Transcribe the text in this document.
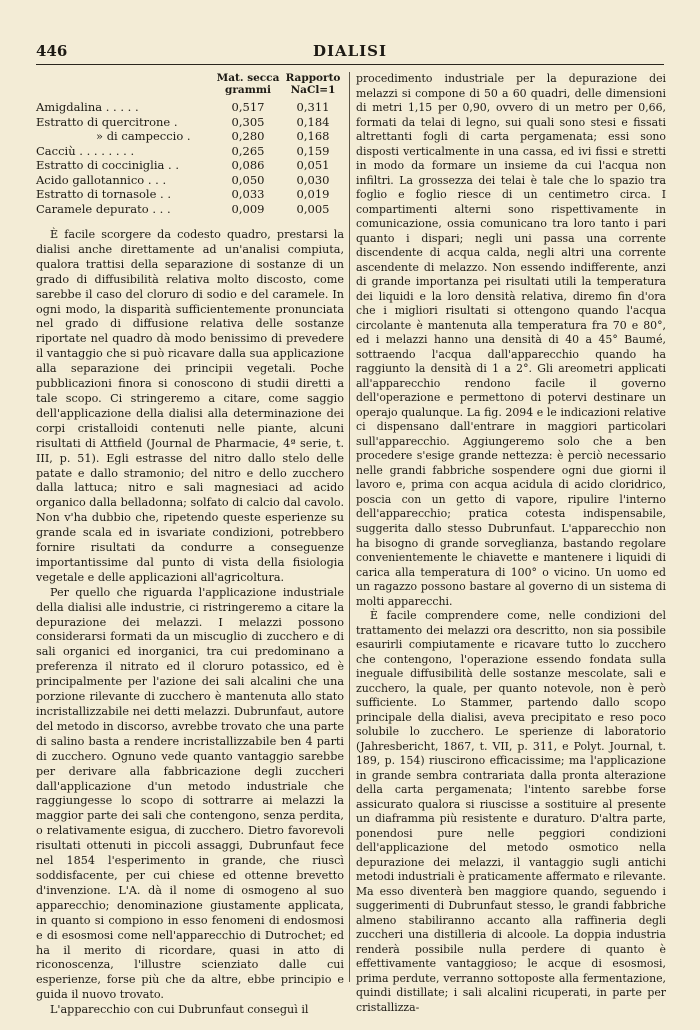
446	DIALISI
	Mat. secca grammi	Rapporto NaCl=1

Amigdalina . . . . .	0,517	0,311
Estratto di quercitrone .	0,305	0,184
» di campeccio .	0,280	0,168
Cacciù . . . . . . . .	0,265	0,159
Estratto di cocciniglia . .	0,086	0,051
Acido gallotannico . . .	0,050	0,030
Estratto di tornasole . .	0,033	0,019
Caramele depurato . . .	0,009	0,005

È facile scorgere da codesto quadro, prestarsi la dialisi anche direttamente ad un'analisi compiuta, qualora trattisi della separazione di sostanze di un grado di diffusibilità relativa molto discosto, come sarebbe il caso del cloruro di sodio e del caramele. In ogni modo, la disparità sufficientemente pronunciata nel grado di diffusione relativa delle sostanze riportate nel quadro dà modo benissimo di prevedere il vantaggio che si può ricavare dalla sua applicazione alla separazione dei principii vegetali. Poche pubblicazioni finora si conoscono di studii diretti a tale scopo. Ci stringeremo a citare, come saggio dell'applicazione della dialisi alla determinazione dei corpi cristalloidi contenuti nelle piante, alcuni risultati di Attfield (Journal de Pharmacie, 4ª serie, t. III, p. 51). Egli estrasse del nitro dallo stelo delle patate e dallo stramonio; del nitro e dello zucchero dalla lattuca; nitro e sali magnesiaci ad acido organico dalla belladonna; solfato di calcio dal cavolo. Non v'ha dubbio che, ripetendo queste esperienze su grande scala ed in isvariate condizioni, potrebbero fornire risultati da condurre a conseguenze importantissime dal punto di vista della fisiologia vegetale e delle applicazioni all'agricoltura.

Per quello che riguarda l'applicazione industriale della dialisi alle industrie, ci ristringeremo a citare la depurazione dei melazzi. I melazzi possono considerarsi formati da un miscuglio di zucchero e di sali organici ed inorganici, tra cui predominano a preferenza il nitrato ed il cloruro potassico, ed è principalmente per l'azione dei sali alcalini che una porzione rilevante di zucchero è mantenuta allo stato incristallizzabile nei detti melazzi. Dubrunfaut, autore del metodo in discorso, avrebbe trovato che una parte di salino basta a rendere incristallizzabile ben 4 parti di zucchero. Ognuno vede quanto vantaggio sarebbe per derivare alla fabbricazione degli zuccheri dall'applicazione d'un metodo industriale che raggiungesse lo scopo di sottrarre ai melazzi la maggior parte dei sali che contengono, senza perdita, o relativamente esigua, di zucchero. Dietro favorevoli risultati ottenuti in piccoli assaggi, Dubrunfaut fece nel 1854 l'esperimento in grande, che riuscì soddisfacente, per cui chiese ed ottenne brevetto d'invenzione. L'A. dà il nome di osmogeno al suo apparecchio; denominazione giustamente applicata, in quanto si compiono in esso fenomeni di endosmosi e di esosmosi come nell'apparecchio di Dutrochet; ed ha il merito di ricordare, quasi in atto di riconoscenza, l'illustre scienziato dalle cui esperienze, forse più che da altre, ebbe principio e guida il nuovo trovato.

L'apparecchio con cui Dubrunfaut conseguì il

procedimento industriale per la depurazione dei melazzi si compone di 50 a 60 quadri, delle dimensioni di metri 1,15 per 0,90, ovvero di un metro per 0,66, formati da telai di legno, sui quali sono stesi e fissati altrettanti fogli di carta pergamenata; essi sono disposti verticalmente in una cassa, ed ivi fissi e stretti in modo da formare un insieme da cui l'acqua non infiltri. La grossezza dei telai è tale che lo spazio tra foglio e foglio riesce di un centimetro circa. I compartimenti alterni sono rispettivamente in comunicazione, ossia comunicano tra loro tanto i pari quanto i dispari; negli uni passa una corrente discendente di acqua calda, negli altri una corrente ascendente di melazzo. Non essendo indifferente, anzi di grande importanza pei risultati utili la temperatura dei liquidi e la loro densità relativa, diremo fin d'ora che i migliori risultati si ottengono quando l'acqua circolante è mantenuta alla temperatura fra 70 e 80°, ed i melazzi hanno una densità di 40 a 45° Baumé, sottraendo l'acqua dall'apparecchio quando ha raggiunto la densità di 1 a 2°. Gli areometri applicati all'apparecchio rendono facile il governo dell'operazione e permettono di potervi destinare un operajo qualunque. La fig. 2094 e le indicazioni relative ci dispensano dall'entrare in maggiori particolari sull'apparecchio. Aggiungeremo solo che a ben procedere s'esige grande nettezza: è perciò necessario nelle grandi fabbriche sospendere ogni due giorni il lavoro e, prima con acqua acidula di acido cloridrico, poscia con un getto di vapore, ripulire l'interno dell'apparecchio; pratica cotesta indispensabile, suggerita dallo stesso Dubrunfaut. L'apparecchio non ha bisogno di grande sorveglianza, bastando regolare convenientemente le chiavette e mantenere i liquidi di carica alla temperatura di 100° o vicino. Un uomo ed un ragazzo possono bastare al governo di un sistema di molti apparecchi.

È facile comprendere come, nelle condizioni del trattamento dei melazzi ora descritto, non sia possibile esaurirli compiutamente e ricavare tutto lo zucchero che contengono, l'operazione essendo fondata sulla ineguale diffusibilità delle sostanze mescolate, sali e zucchero, la quale, per quanto notevole, non è però sufficiente. Lo Stammer, partendo dallo scopo principale della dialisi, aveva precipitato e reso poco solubile lo zucchero. Le sperienze di laboratorio (Jahresbericht, 1867, t. VII, p. 311, e Polyt. Journal, t. 189, p. 154) riuscirono efficacissime; ma l'applicazione in grande sembra contrariata dalla pronta alterazione della carta pergamenata; l'intento sarebbe forse assicurato qualora si riuscisse a sostituire al presente un diaframma più resistente e duraturo. D'altra parte, ponendosi pure nelle peggiori condizioni dell'applicazione del metodo osmotico nella depurazione dei melazzi, il vantaggio sugli antichi metodi industriali è praticamente affermato e rilevante. Ma esso diventerà ben maggiore quando, seguendo i suggerimenti di Dubrunfaut stesso, le grandi fabbriche almeno stabiliranno accanto alla raffineria degli zuccheri una distilleria di alcoole. La doppia industria renderà possibile nulla perdere di quanto è effettivamente vantaggioso; le acque di esosmosi, prima perdute, verranno sottoposte alla fermentazione, quindi distillate; i sali alcalini ricuperati, in parte per cristallizza-
